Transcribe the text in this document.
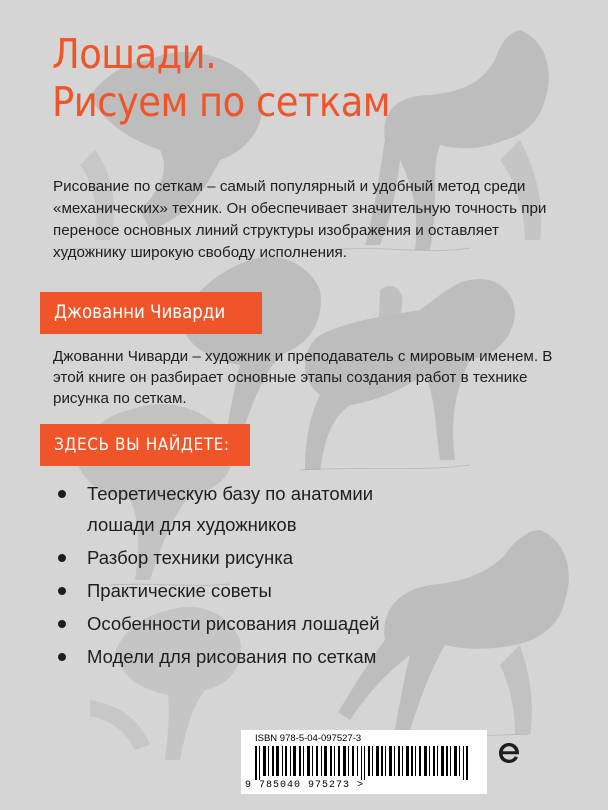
Лошади.
Рисуем по сеткам

Рисование по сеткам – самый популярный и удобный метод среди «механических» техник. Он обеспечивает значительную точность при переносе основных линий структуры изображения и оставляет художнику широкую свободу исполнения.

Джованни Чиварди

Джованни Чиварди – художник и преподаватель с мировым именем. В этой книге он разбирает основные этапы создания работ в технике рисунка по сеткам.

ЗДЕСЬ ВЫ НАЙДЕТЕ:
Теоретическую базу по анатомии лошади для художников
Разбор техники рисунка
Практические советы
Особенности рисования лошадей
Модели для рисования по сеткам
ISBN 978-5-04-097527-3
9 785040 975273 >
